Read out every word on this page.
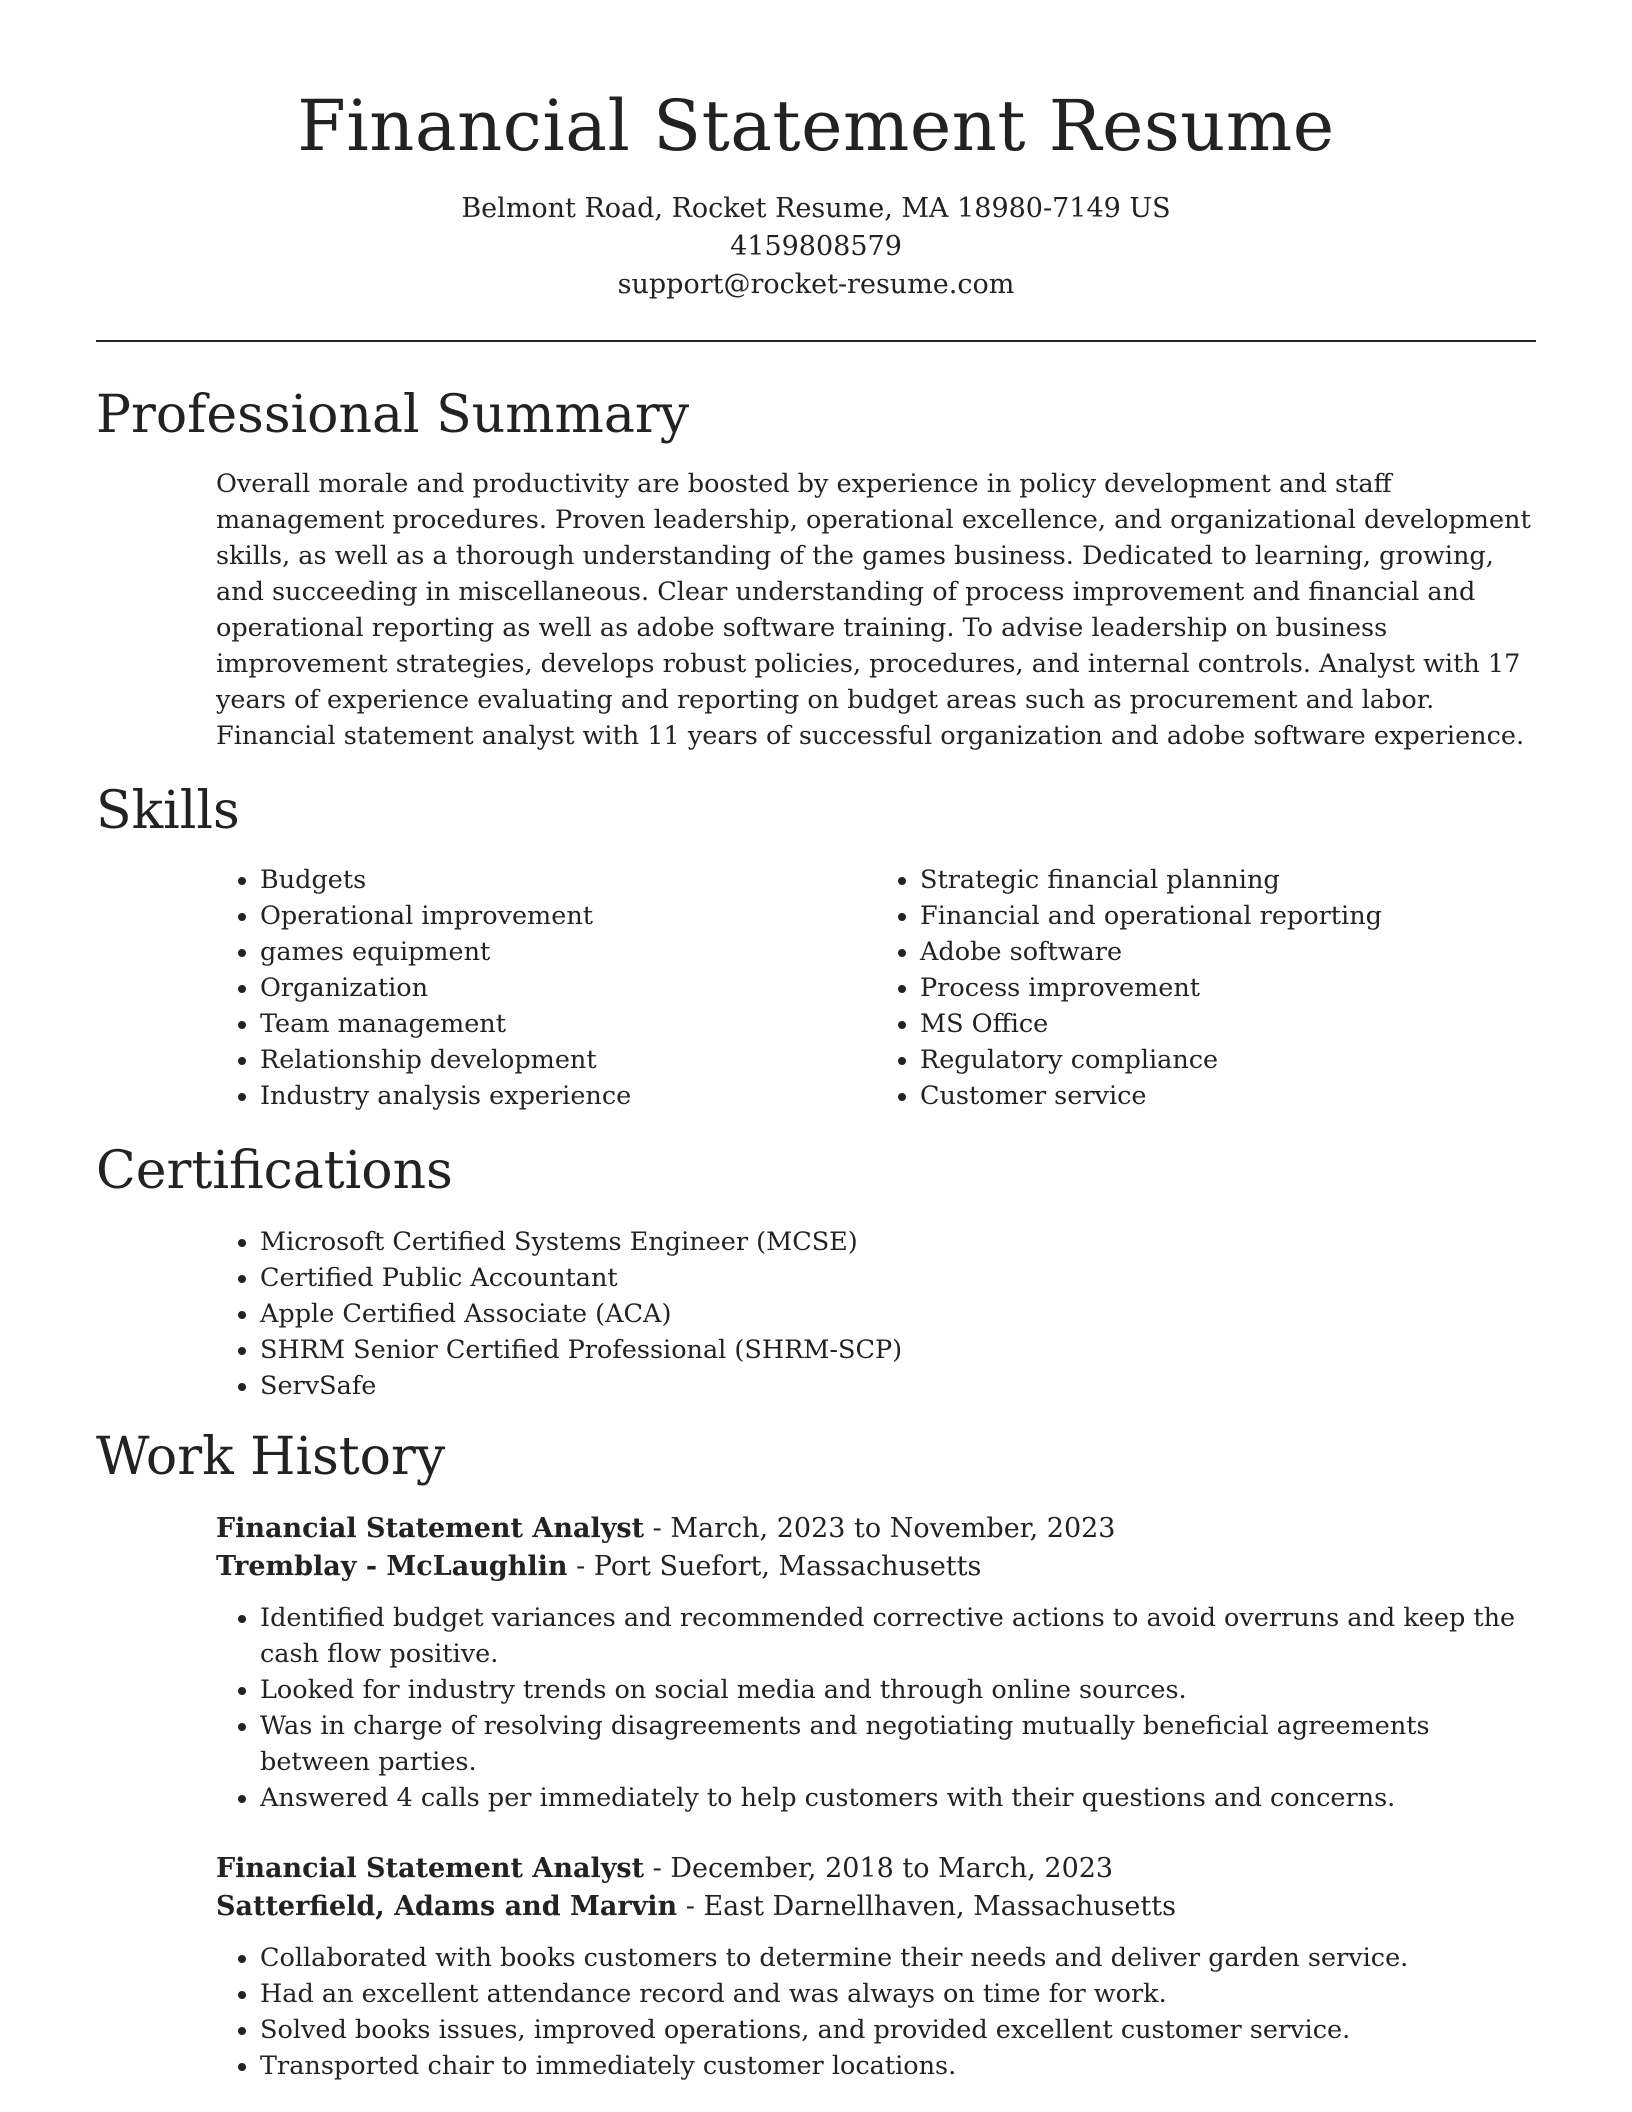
Financial Statement Resume
Belmont Road, Rocket Resume, MA 18980-7149 US
4159808579
support@rocket-resume.com
Professional Summary
Overall morale and productivity are boosted by experience in policy development and staff management procedures. Proven leadership, operational excellence, and organizational development skills, as well as a thorough understanding of the games business. Dedicated to learning, growing, and succeeding in miscellaneous. Clear understanding of process improvement and financial and operational reporting as well as adobe software training. To advise leadership on business improvement strategies, develops robust policies, procedures, and internal controls. Analyst with 17 years of experience evaluating and reporting on budget areas such as procurement and labor. Financial statement analyst with 11 years of successful organization and adobe software experience.
Skills
• Budgets
• Operational improvement
• games equipment
• Organization
• Team management
• Relationship development
• Industry analysis experience
• Strategic financial planning
• Financial and operational reporting
• Adobe software
• Process improvement
• MS Office
• Regulatory compliance
• Customer service
Certifications
• Microsoft Certified Systems Engineer (MCSE)
• Certified Public Accountant
• Apple Certified Associate (ACA)
• SHRM Senior Certified Professional (SHRM-SCP)
• ServSafe
Work History
Financial Statement Analyst - March, 2023 to November, 2023
Tremblay - McLaughlin - Port Suefort, Massachusetts
• Identified budget variances and recommended corrective actions to avoid overruns and keep the cash flow positive.
• Looked for industry trends on social media and through online sources.
• Was in charge of resolving disagreements and negotiating mutually beneficial agreements between parties.
• Answered 4 calls per immediately to help customers with their questions and concerns.
Financial Statement Analyst - December, 2018 to March, 2023
Satterfield, Adams and Marvin - East Darnellhaven, Massachusetts
• Collaborated with books customers to determine their needs and deliver garden service.
• Had an excellent attendance record and was always on time for work.
• Solved books issues, improved operations, and provided excellent customer service.
• Transported chair to immediately customer locations.
